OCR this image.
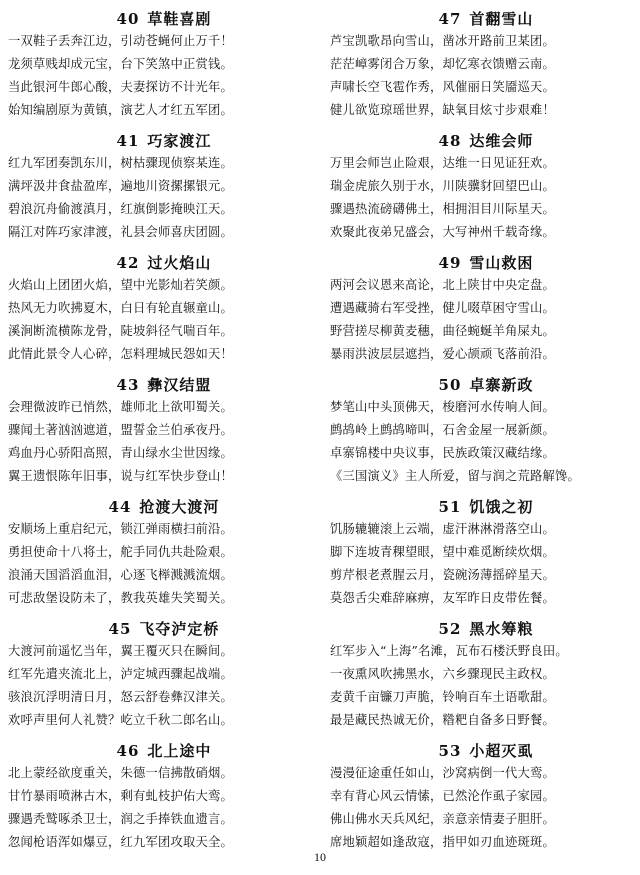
40 草鞋喜剧
一双鞋子丢奔江边，引动苍蝇何止万千！
龙须草贱却成元宝，台下笑煞中正赏钱。
当此银河牛郎心酸，夫妻探访不计光年。
始知编剧原为黄镇，演艺人才红五军团。
41 巧家渡江
红九军团奏凯东川，树枯骤现侦察某连。
满坪汲井食盐盈库，遍地川资摞摞银元。
碧浪沉舟偷渡滇月，红旗倒影掩映江天。
隔江对阵巧家津渡，礼县会师喜庆团圆。
42 过火焰山
火焰山上团团火焰，望中光影灿若笑颜。
热风无力吹拂夏木，白日有轮直辗童山。
溪涧断流横陈龙骨，陡坡斜径气喘百年。
此情此景令人心碎，怎料理城民怨如天！
43 彝汉结盟
会理微波昨已悄然，雄师北上欲叩蜀关。
骤闻土著汹汹遮道，盟誓金兰伯承夜丹。
鸡血丹心骄阳高照，青山绿水尘世因缘。
翼王遗恨陈年旧事，说与红军快步登山！
44 抢渡大渡河
安顺场上重启纪元，锁江弹雨横扫前沿。
勇担使命十八将士，舵手同仇共赴险艰。
浪涌天国滔滔血泪，心逐飞榉溅溅流烟。
可悲敌堡设防未了，教我英雄失笑蜀关。
45 飞夺泸定桥
大渡河前遥忆当年，翼王覆灭只在瞬间。
红军先遣夹流北上，泸定城西骤起战端。
骇浪沉浮明清日月，怒云舒卷彝汉津关。
欢呼声里何人礼赞？屹立千秋二郎名山。
46 北上途中
北上蒙经欲度重关，朱德一信拂散硝烟。
甘竹暴雨喷淋古木，剩有虬枝护佑大鸾。
骤遇秃鹫啄杀卫士，润之手捧铁血遗言。
忽闻枪语浑如爆豆，红九军团攻取天全。
47 首翻雪山
芦宝凯歌昂向雪山，凿冰开路前卫某团。
茫茫嶂雾闭合万象，却忆寒衣馈赠云南。
声啸长空飞雹作秀，风催丽日笑靥巡天。
健儿欲览琼瑶世界，缺氧目炫寸步艰难！
48 达维会师
万里会师岂止险艰，达维一日见证狂欢。
瑞金虎旅久别于水，川陕骥豺回望巴山。
骤遇热流磅礴佛土，相拥泪目川际星天。
欢聚此夜弟兄盛会，大写神州千载奇缘。
49 雪山救困
两河会议恩来高论，北上陕甘中央定盘。
遭遇藏骑右军受挫，健儿啜草困守雪山。
野营搓尽柳黄麦穗，曲径蜿蜒羊角屎丸。
暴雨洪波层层遮挡，爱心颉顽飞落前沿。
50 卓寨新政
梦笔山中头顶佛天，梭磨河水传响人间。
鹧鸪岭上鹧鸪啼叫，石舍金屋一展新颜。
卓寨锦楼中央议事，民族政策汉藏结缘。
《三国演义》主人所爱，留与润之荒路解馋。
51 饥饿之初
饥肠辘辘滚上云端，虚汗淋淋滑落空山。
脚下连坡青稞望眼，望中难觅断续炊烟。
剪芹根老煮腥云月，瓷碗汤薄摇碎星天。
莫怨舌尖难辞麻痹，友军昨日皮带佐餐。
52 黑水筹粮
红军步入“上海”名滩，瓦布石楼沃野良田。
一夜熏风吹拂黑水，六乡骤现民主政权。
麦黄千亩镰刀声脆，铃响百车土语歌甜。
最是藏民热诚无价，糌粑自备多日野餐。
53 小超灭虱
漫漫征途重任如山，沙窝病倒一代大鸾。
幸有背心风云情愫，已然沦作虱子家园。
佛山佛水天兵风纪，亲意亲情妻子胆肝。
席地颖超如逢敌寇，指甲如刃血迹斑斑。
10
